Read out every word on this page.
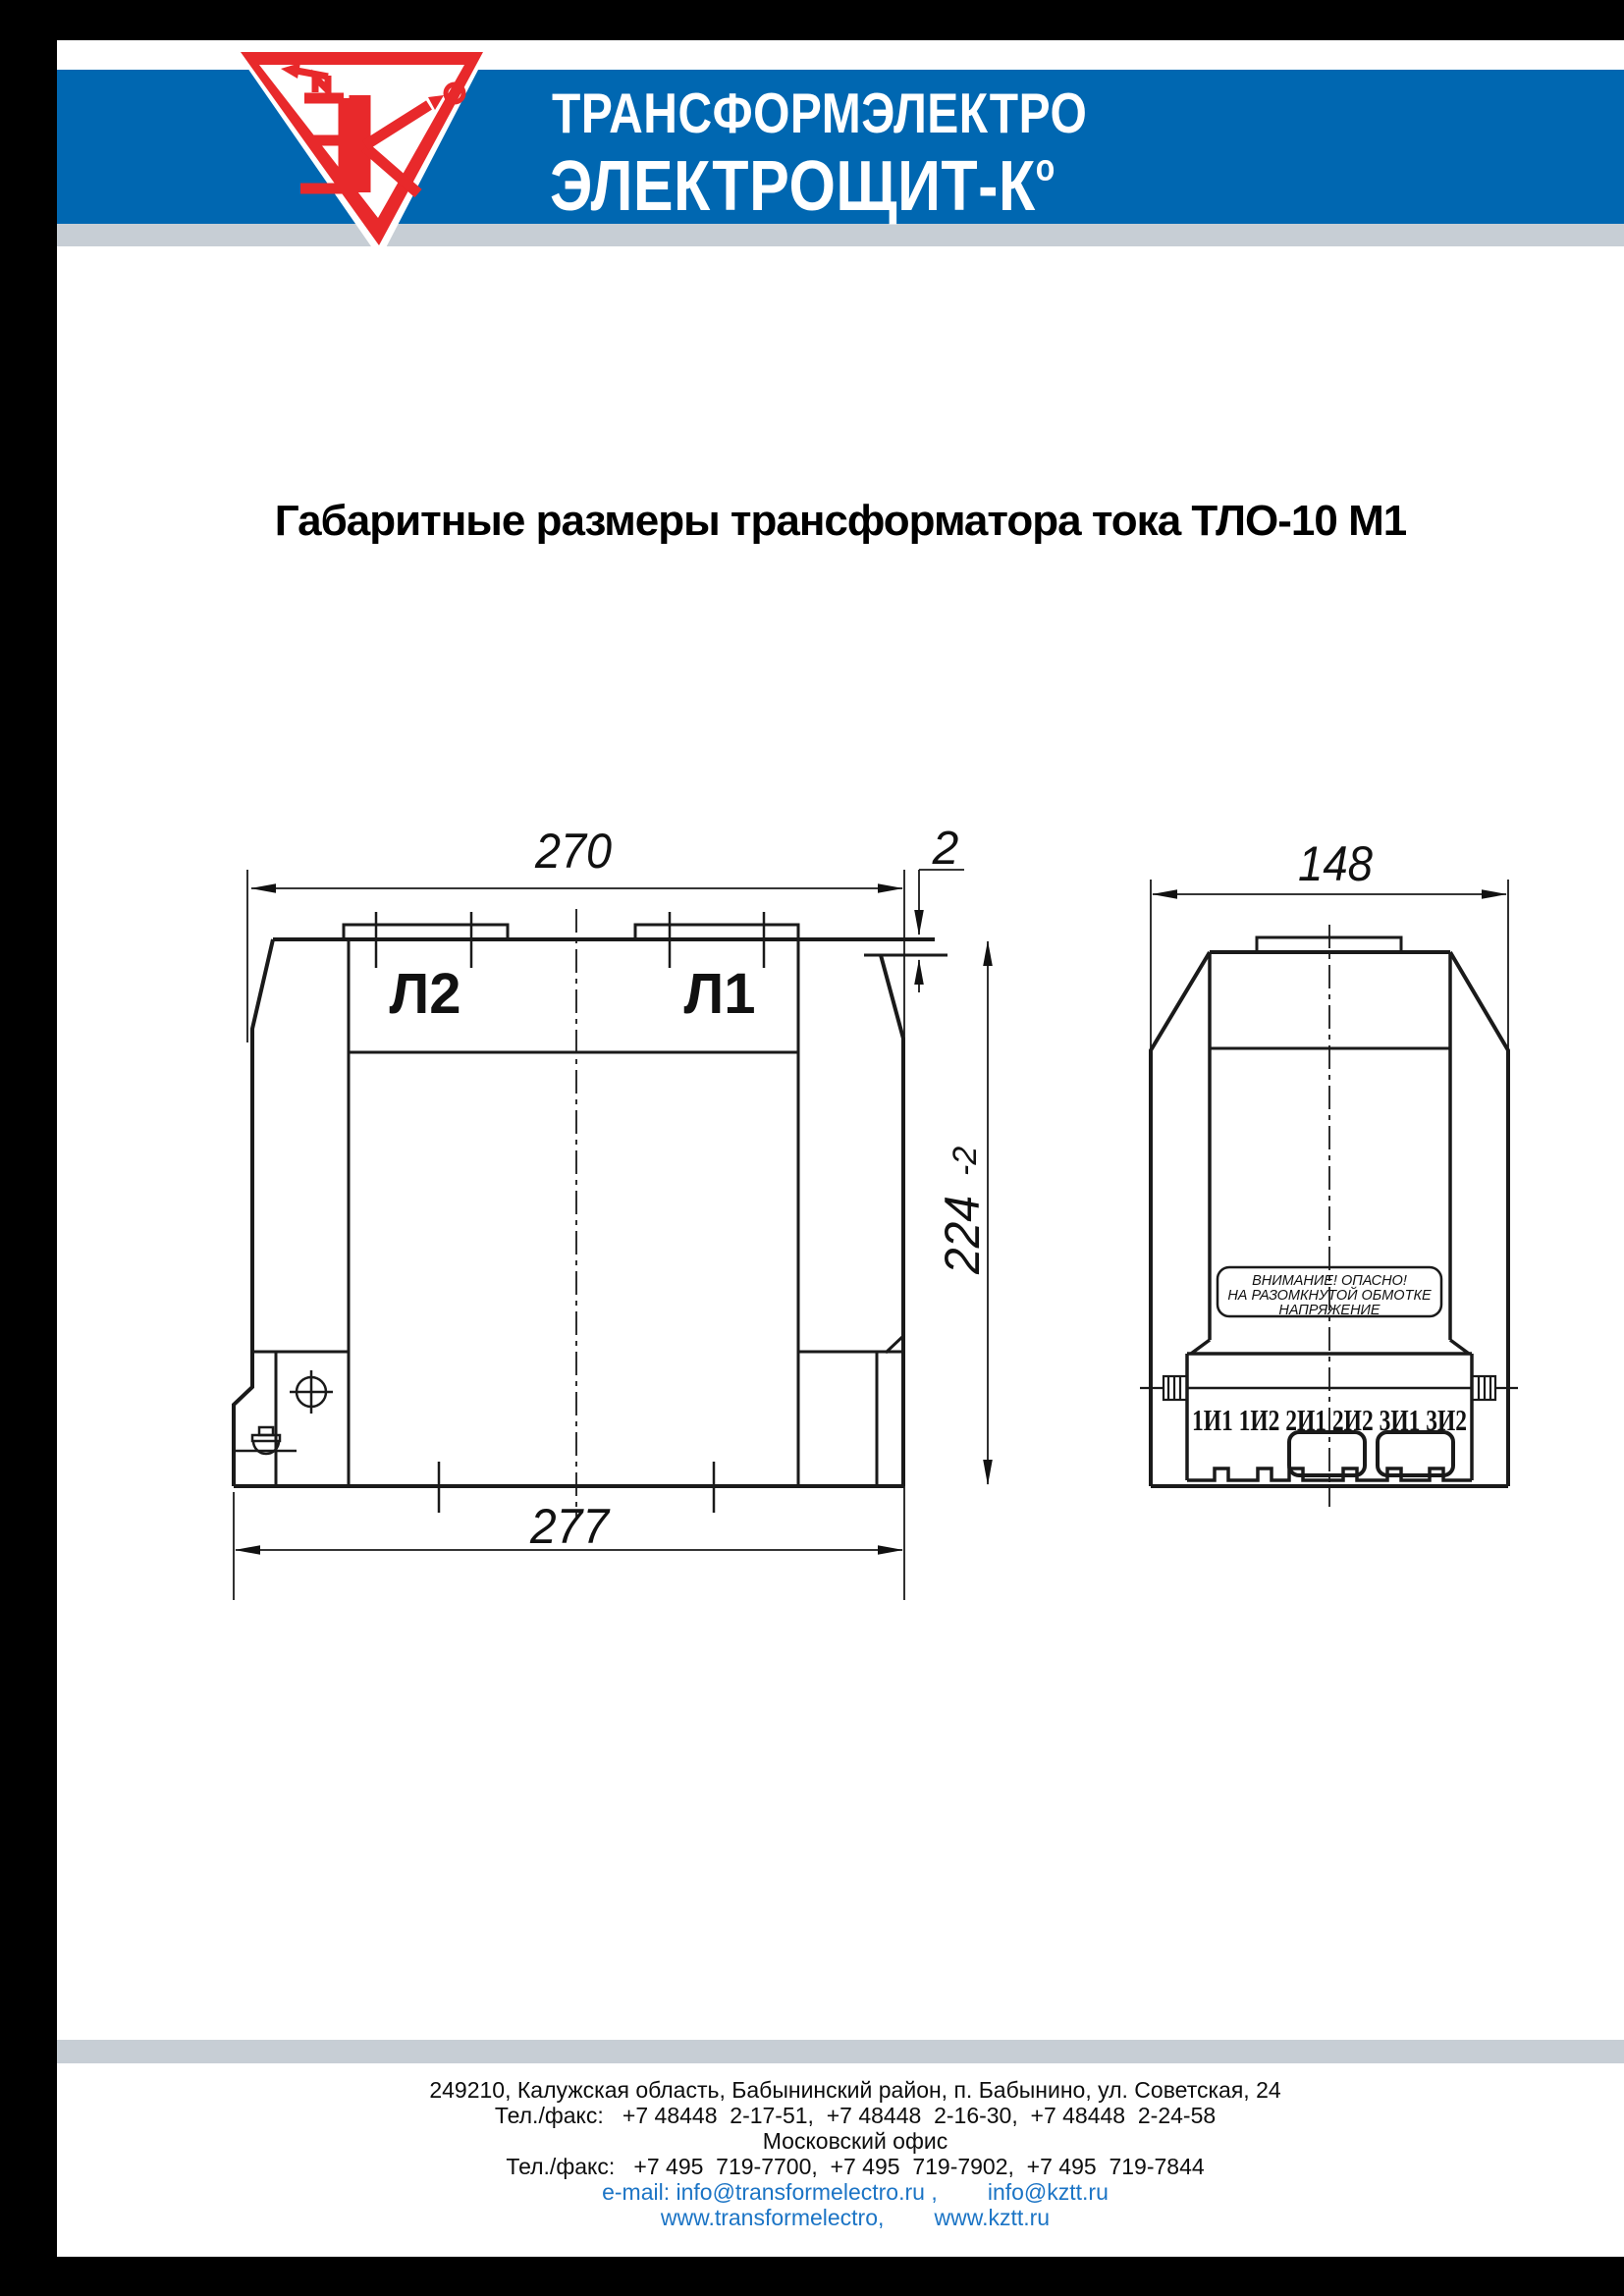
ТРАНСФОРМЭЛЕКТРО
ЭЛЕКТРОЩИТ-Ко
Габаритные размеры трансформатора тока ТЛО-10 М1
270	2
224
-2
277
Л2	Л1
148
ВНИМАНИЕ! ОПАСНО!
НА РАЗОМКНУТОЙ ОБМОТКЕ
НАПРЯЖЕНИЕ
1И1 1И2 2И1 2И2 3И1 3И2
249210, Калужская область, Бабынинский район, п. Бабынино, ул. Советская, 24
Тел./факс:   +7 48448  2-17-51,  +7 48448  2-16-30,  +7 48448  2-24-58
Московский офис
Тел./факс:   +7 495  719-7700,  +7 495  719-7902,  +7 495  719-7844
e-mail: info@transformelectro.ru ,        info@kztt.ru
www.transformelectro,        www.kztt.ru
